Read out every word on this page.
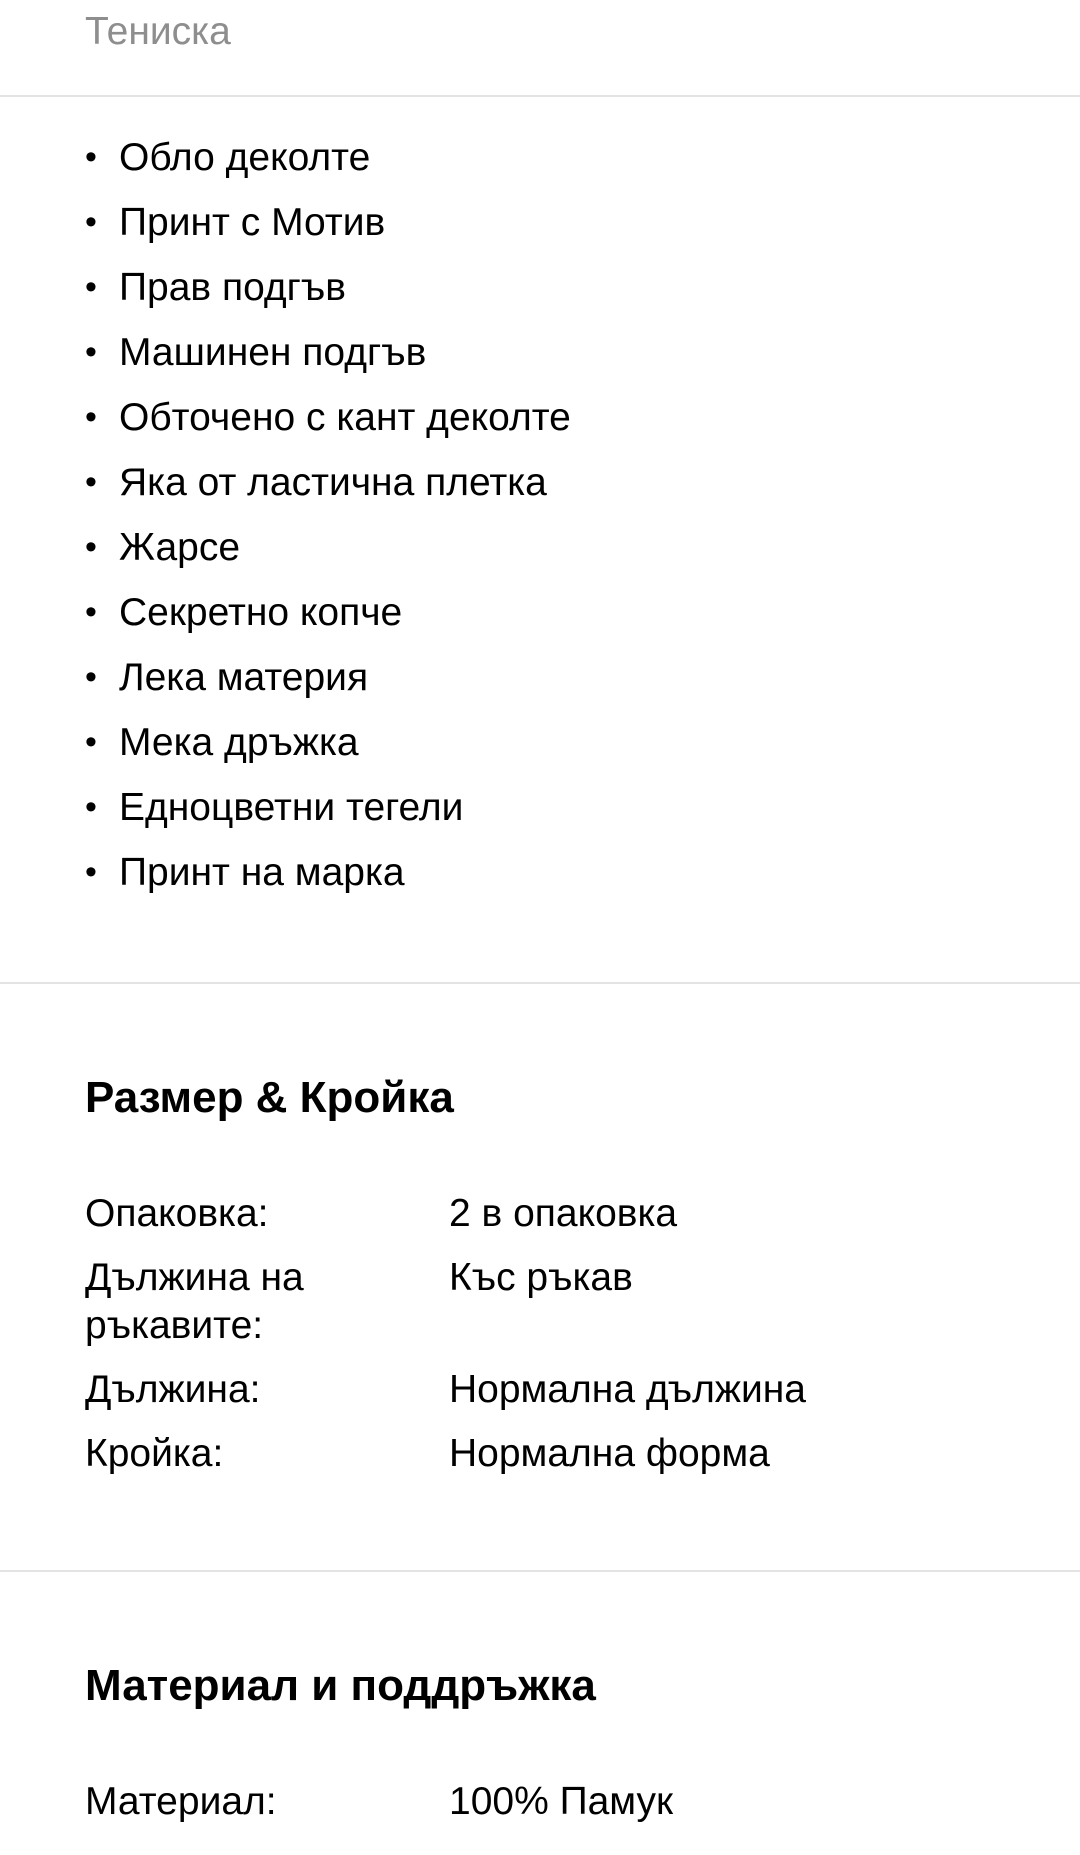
Тениска
• Обло деколте
• Принт с Мотив
• Прав подгъв
• Машинен подгъв
• Обточено с кант деколте
• Яка от ластична плетка
• Жарсе
• Секретно копче
• Лека материя
• Мека дръжка
• Едноцветни тегели
• Принт на марка
Размер & Кройка
Опаковка:	2 в опаковка
Дължина на ръкавите:
Къс ръкав
Дължина:	Нормална дължина
Кройка:	Нормална форма
Материал и поддръжка
Материал:	100% Памук
